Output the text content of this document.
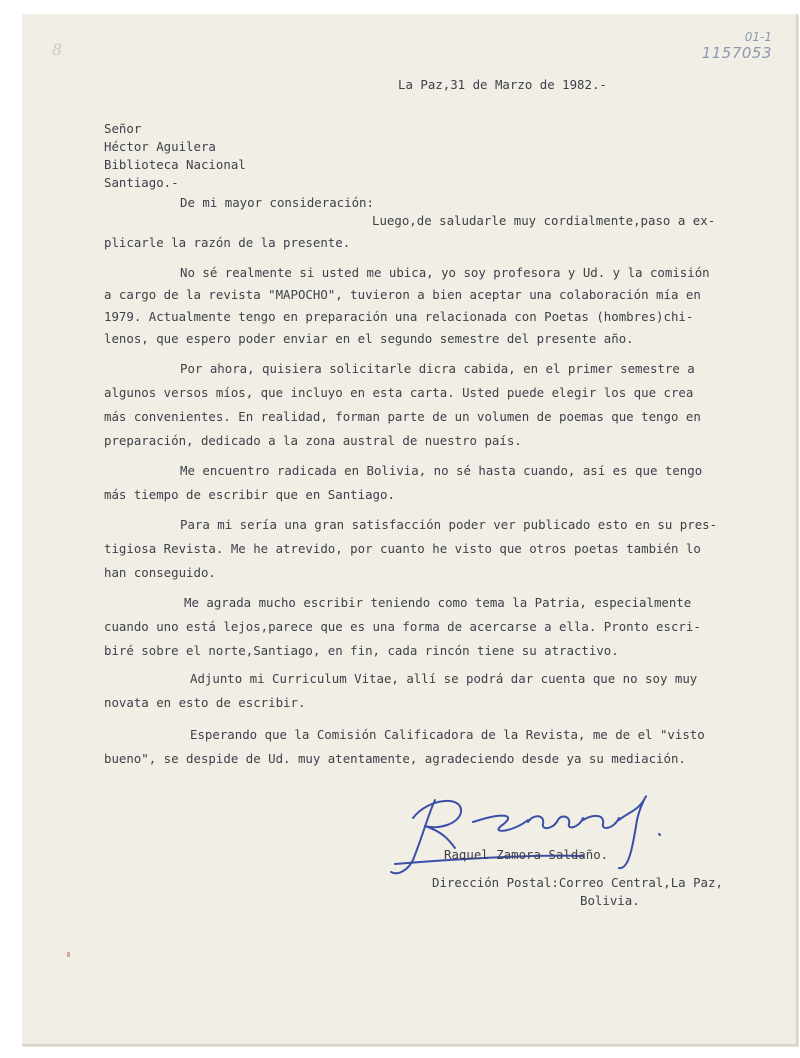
8
01-1
1157053
La Paz,31 de Marzo de 1982.-
Señor
Héctor Aguilera
Biblioteca Nacional
Santiago.-
De mi mayor consideración:
Luego,de saludarle muy cordialmente,paso a ex-
plicarle la razón de la presente.
No sé realmente si usted me ubica, yo soy profesora y Ud. y la comisión
a cargo de la revista "MAPOCHO", tuvieron a bien aceptar una colaboración mía en
1979. Actualmente tengo en preparación una relacionada con Poetas (hombres)chi-
lenos, que espero poder enviar en el segundo semestre del presente año.
Por ahora, quisiera solicitarle dicra cabida, en el primer semestre a
algunos versos míos, que incluyo en esta carta. Usted puede elegir los que crea
más convenientes. En realidad, forman parte de un volumen de poemas que tengo en
preparación, dedicado a la zona austral de nuestro país.
Me encuentro radicada en Bolivia, no sé hasta cuando, así es que tengo
más tiempo de escribir que en Santiago.
Para mi sería una gran satisfacción poder ver publicado esto en su pres-
tigiosa Revista. Me he atrevido, por cuanto he visto que otros poetas también lo
han conseguido.
Me agrada mucho escribir teniendo como tema la Patria, especialmente
cuando uno está lejos,parece que es una forma de acercarse a ella. Pronto escri-
biré sobre el norte,Santiago, en fin, cada rincón tiene su atractivo.
Adjunto mi Curriculum Vitae, allí se podrá dar cuenta que no soy muy
novata en esto de escribir.
Esperando que la Comisión Calificadora de la Revista, me de el "visto
bueno", se despide de Ud. muy atentamente, agradeciendo desde ya su mediación.
Raquel Zamora Saldaño.
Dirección Postal:Correo Central,La Paz,
Bolivia.
